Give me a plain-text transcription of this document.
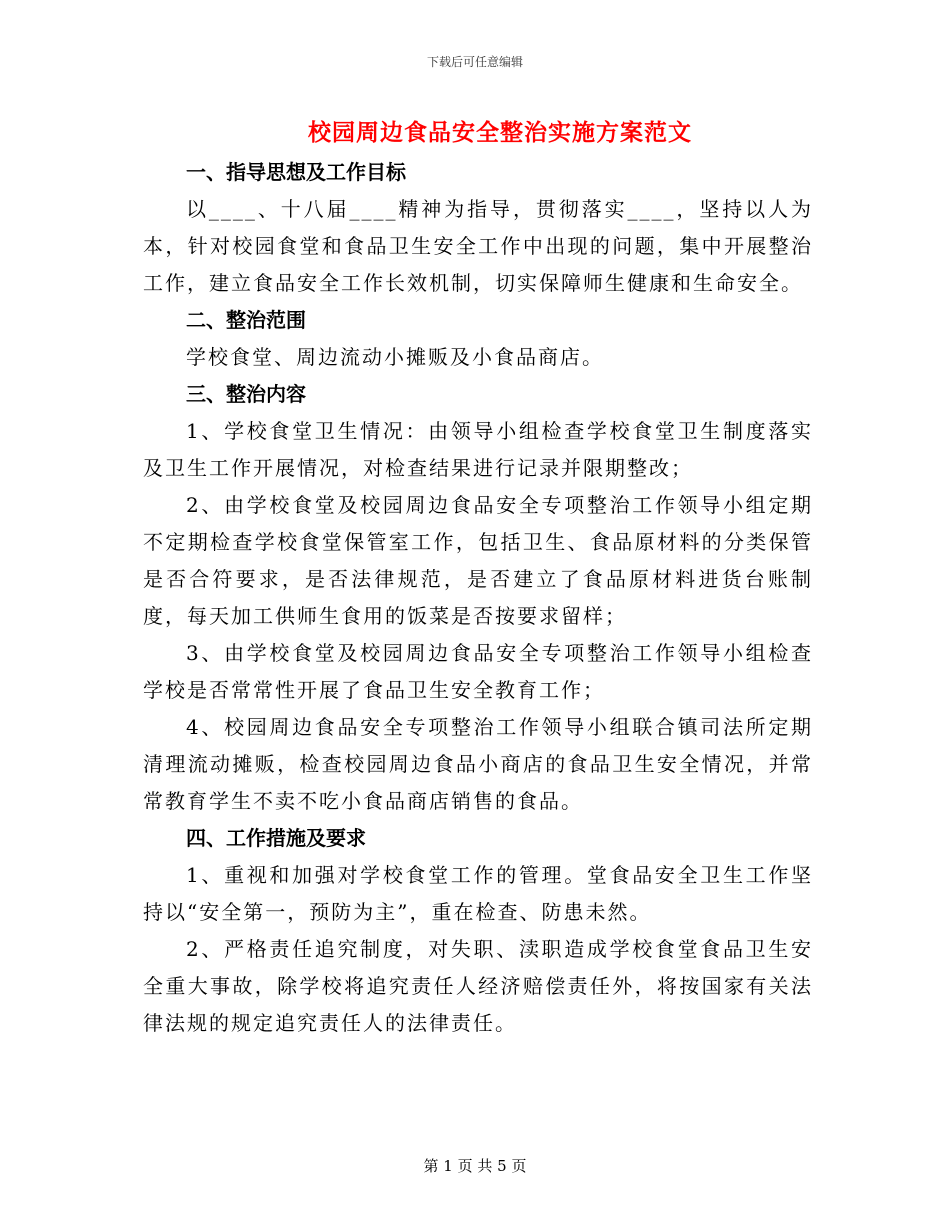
下载后可任意编辑
校园周边食品安全整治实施方案范文

一、指导思想及工作目标

以____、十八届____精神为指导，贯彻落实____，坚持以人为本，针对校园食堂和食品卫生安全工作中出现的问题，集中开展整治工作，建立食品安全工作长效机制，切实保障师生健康和生命安全。

二、整治范围

学校食堂、周边流动小摊贩及小食品商店。

三、整治内容

1、学校食堂卫生情况：由领导小组检查学校食堂卫生制度落实及卫生工作开展情况，对检查结果进行记录并限期整改；

2、由学校食堂及校园周边食品安全专项整治工作领导小组定期不定期检查学校食堂保管室工作，包括卫生、食品原材料的分类保管是否合符要求，是否法律规范，是否建立了食品原材料进货台账制度，每天加工供师生食用的饭菜是否按要求留样；

3、由学校食堂及校园周边食品安全专项整治工作领导小组检查学校是否常常性开展了食品卫生安全教育工作；

4、校园周边食品安全专项整治工作领导小组联合镇司法所定期清理流动摊贩，检查校园周边食品小商店的食品卫生安全情况，并常常教育学生不卖不吃小食品商店销售的食品。

四、工作措施及要求

1、重视和加强对学校食堂工作的管理。堂食品安全卫生工作坚持以“安全第一，预防为主”，重在检查、防患未然。

2、严格责任追究制度，对失职、渎职造成学校食堂食品卫生安全重大事故，除学校将追究责任人经济赔偿责任外，将按国家有关法律法规的规定追究责任人的法律责任。

第 1 页 共 5 页
